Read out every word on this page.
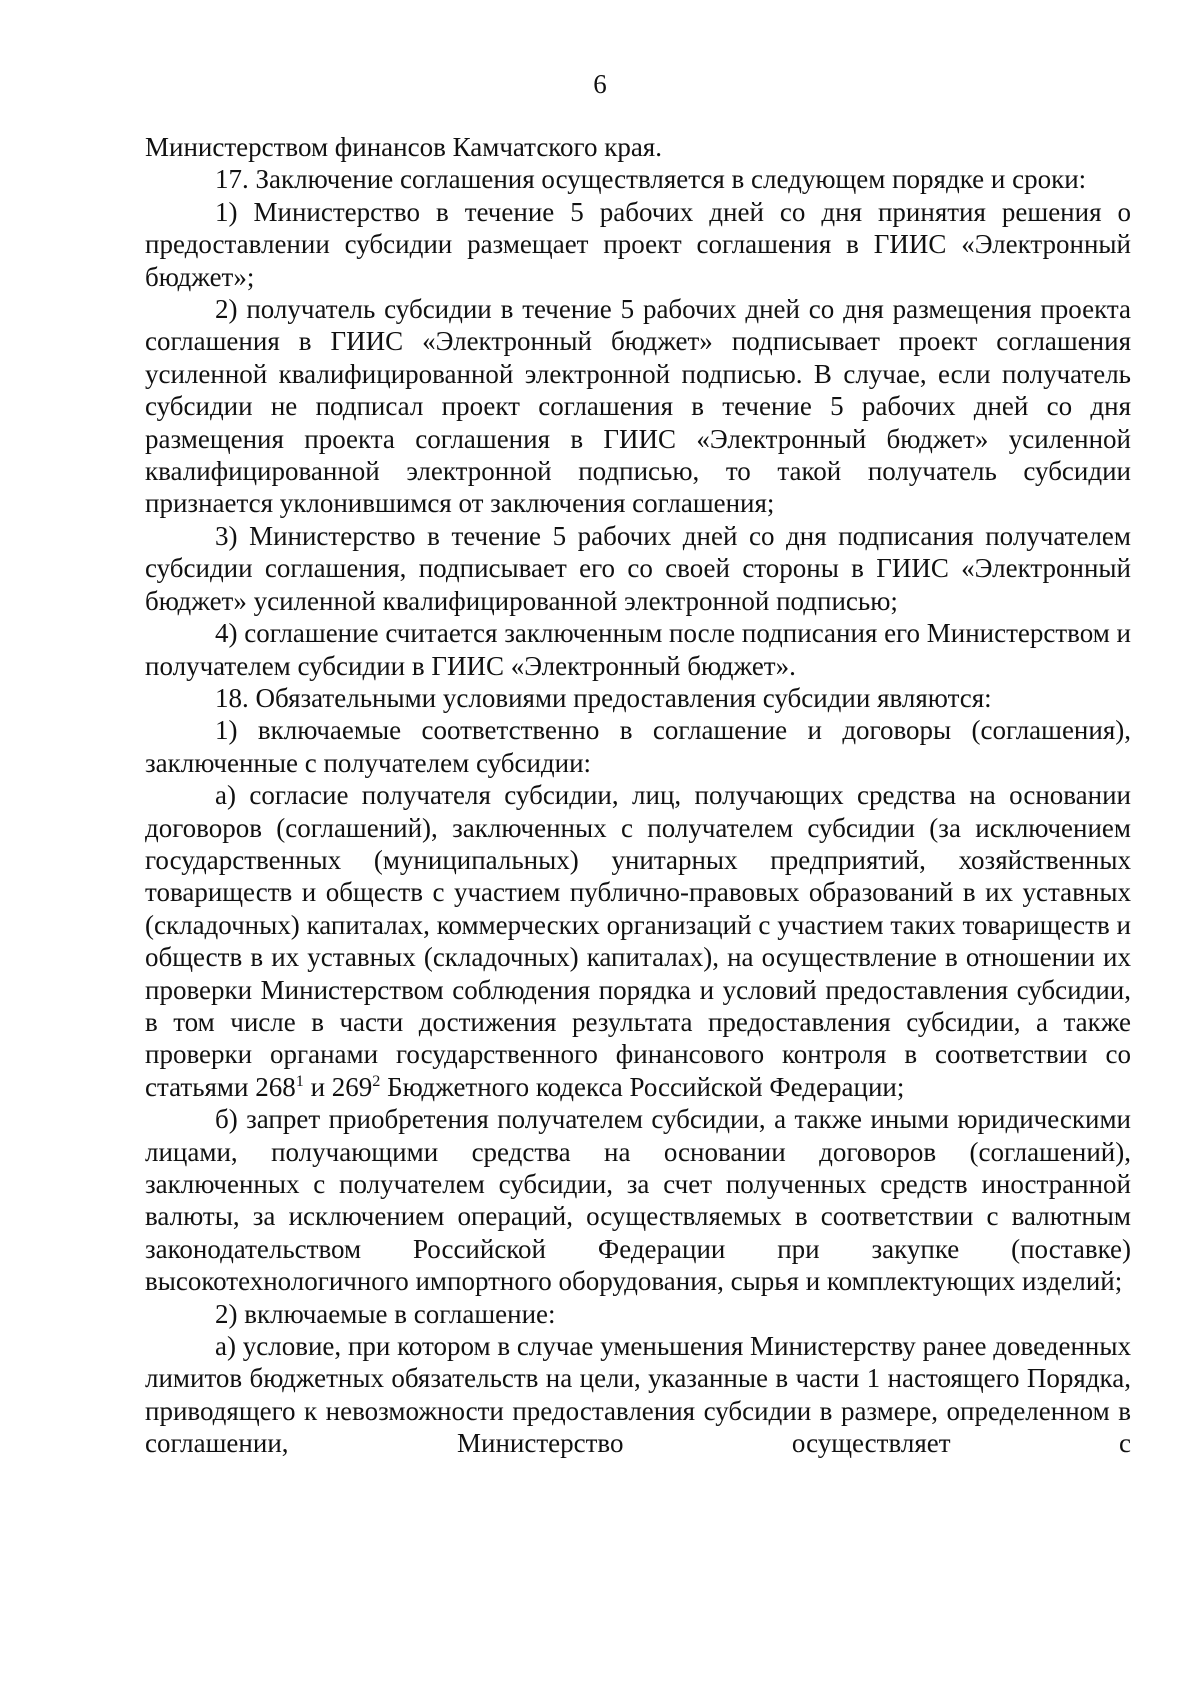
6

Министерством финансов Камчатского края.

17. Заключение соглашения осуществляется в следующем порядке и сроки:

1) Министерство в течение 5 рабочих дней со дня принятия решения о предоставлении субсидии размещает проект соглашения в ГИИС «Электронный бюджет»;

2) получатель субсидии в течение 5 рабочих дней со дня размещения проекта соглашения в ГИИС «Электронный бюджет» подписывает проект соглашения усиленной квалифицированной электронной подписью. В случае, если получатель субсидии не подписал проект соглашения в течение 5 рабочих дней со дня размещения проекта соглашения в ГИИС «Электронный бюджет» усиленной квалифицированной электронной подписью, то такой получатель субсидии признается уклонившимся от заключения соглашения;

3) Министерство в течение 5 рабочих дней со дня подписания получателем субсидии соглашения, подписывает его со своей стороны в ГИИС «Электронный бюджет» усиленной квалифицированной электронной подписью;

4) соглашение считается заключенным после подписания его Министерством и получателем субсидии в ГИИС «Электронный бюджет».

18. Обязательными условиями предоставления субсидии являются:

1) включаемые соответственно в соглашение и договоры (соглашения), заключенные с получателем субсидии:

а) согласие получателя субсидии, лиц, получающих средства на основании договоров (соглашений), заключенных с получателем субсидии (за исключением государственных (муниципальных) унитарных предприятий, хозяйственных товариществ и обществ с участием публично-правовых образований в их уставных (складочных) капиталах, коммерческих организаций с участием таких товариществ и обществ в их уставных (складочных) капиталах), на осуществление в отношении их проверки Министерством соблюдения порядка и условий предоставления субсидии, в том числе в части достижения результата предоставления субсидии, а также проверки органами государственного финансового контроля в соответствии со статьями $268^1$ и $269^2$ Бюджетного кодекса Российской Федерации;

б) запрет приобретения получателем субсидии, а также иными юридическими лицами, получающими средства на основании договоров (соглашений), заключенных с получателем субсидии, за счет полученных средств иностранной валюты, за исключением операций, осуществляемых в соответствии с валютным законодательством Российской Федерации при закупке (поставке) высокотехнологичного импортного оборудования, сырья и комплектующих изделий;

2) включаемые в соглашение:

а) условие, при котором в случае уменьшения Министерству ранее доведенных лимитов бюджетных обязательств на цели, указанные в части 1 настоящего Порядка, приводящего к невозможности предоставления субсидии в размере, определенном в соглашении, Министерство осуществляет с
